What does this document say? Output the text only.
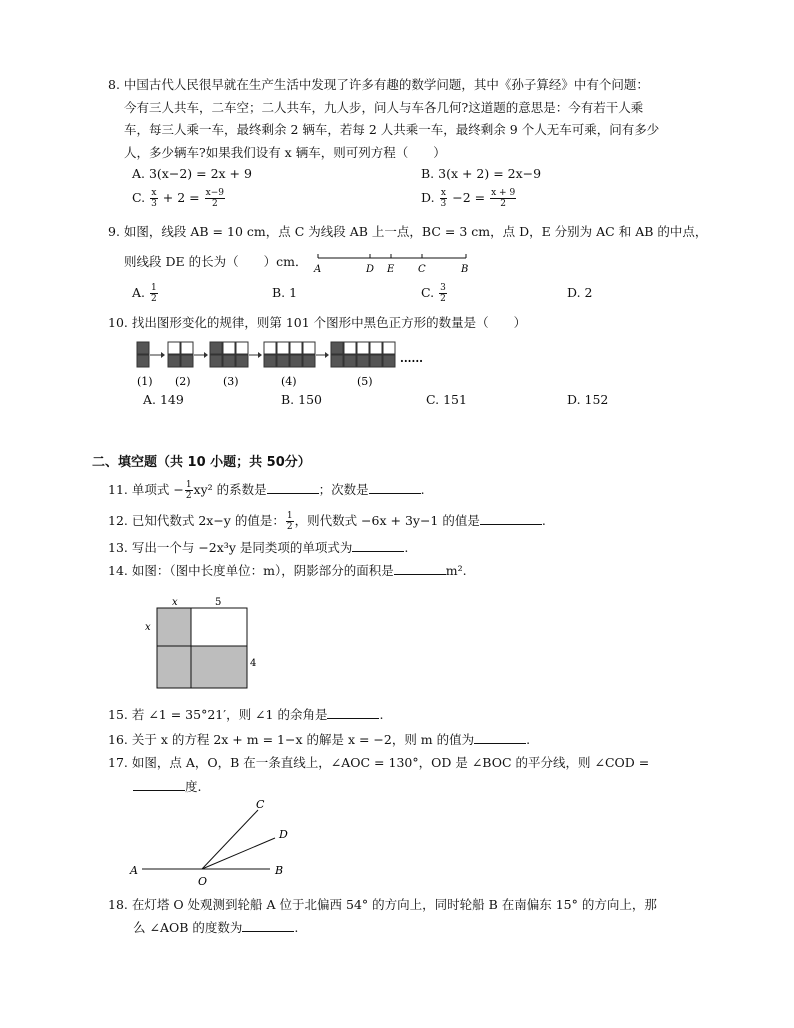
8. 中国古代人民很早就在生产生活中发现了许多有趣的数学问题，其中《孙子算经》中有个问题：
今有三人共车，二车空；二人共车，九人步，问人与车各几何?这道题的意思是：今有若干人乘
车，每三人乘一车，最终剩余 2 辆车，若每 2 人共乘一车，最终剩余 9 个人无车可乘，问有多少
人，多少辆车?如果我们设有 x 辆车，则可列方程（　　）
A. 3(x−2) = 2x + 9	B. 3(x + 2) = 2x−9
C. $\frac{x}{3} + 2 = \frac{x-9}{2}$	D. $\frac{x}{3} -2 = \frac{x + 9}{2}$
9. 如图，线段 AB = 10 cm，点 C 为线段 AB 上一点，BC = 3 cm，点 D，E 分别为 AC 和 AB 的中点，
则线段 DE 的长为（　　）cm．
A	D E C	B
A. $\frac{1}{2}$	B. 1	C. $\frac{3}{2}$	D. 2
10. 找出图形变化的规律，则第 101 个图形中黑色正方形的数量是（　　）
......
(1) (2)	(3)	(4)	(5)
A. 149	B. 150	C. 151	D. 152
二、填空题（共 10 小题；共 50分）
11. 单项式 − $\frac{1}{2} xy^2$ 的系数是	；次数是	.
12. 已知代数式 2x−y 的值是： $\frac{1}{2}$ ，则代数式 −6x + 3y−1 的值是	.
13. 写出一个与 −2x³y 是同类项的单项式为	.
14. 如图：（图中长度单位：m），阴影部分的面积是	m².
x	5
x
4
15. 若 ∠1 = 35°21′，则 ∠1 的余角是	.
16. 关于 x 的方程 2x + m = 1−x 的解是 x = −2，则 m 的值为	.
17. 如图，点 A，O，B 在一条直线上，∠AOC = 130°，OD 是 ∠BOC 的平分线，则 ∠COD =
度.
A
O
B
C
D
18. 在灯塔 O 处观测到轮船 A 位于北偏西 54° 的方向上，同时轮船 B 在南偏东 15° 的方向上，那
么 ∠AOB 的度数为	.
